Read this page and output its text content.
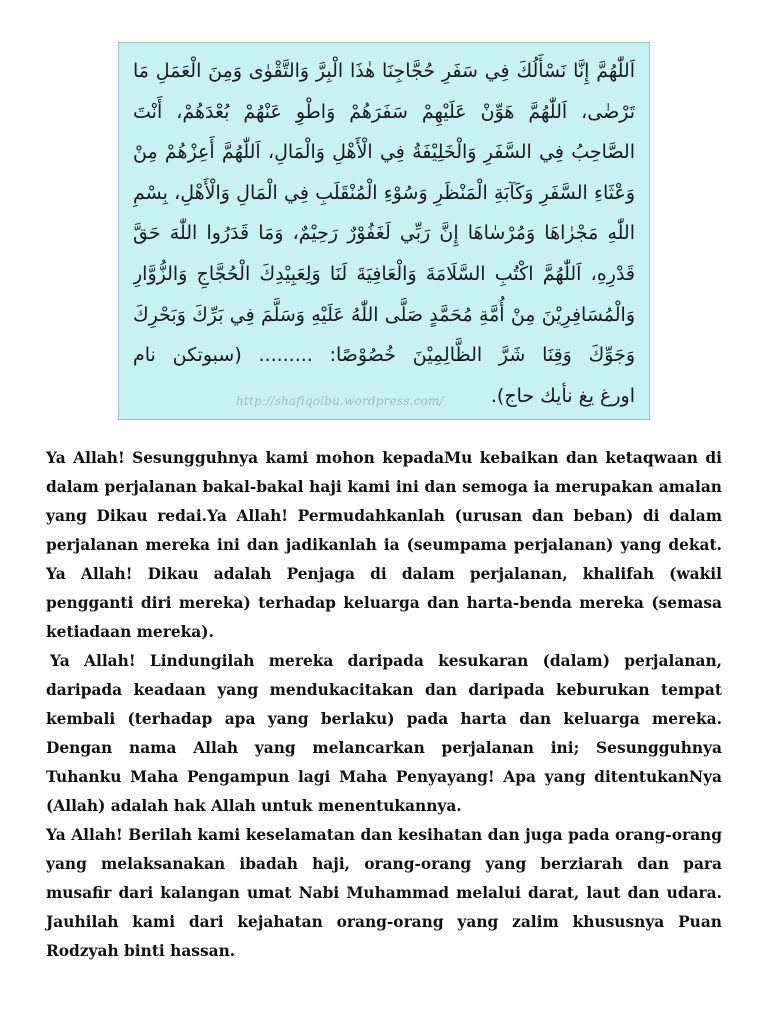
اَللّٰهُمَّ إِنَّا نَسْأَلُكَ فِي سَفَرِ حُجَّاجِنَا هٰذَا الْبِرَّ وَالتَّقْوٰى وَمِنَ الْعَمَلِ مَا
تَرْضٰى، اَللّٰهُمَّ هَوِّنْ عَلَيْهِمْ سَفَرَهُمْ وَاطْوِ عَنْهُمْ بُعْدَهُمْ، أَنْتَ
الصَّاحِبُ فِي السَّفَرِ وَالْخَلِيْفَةُ فِي الْأَهْلِ وَالْمَالِ، اَللّٰهُمَّ أَعِزْهُمْ مِنْ
وَعْثَاءِ السَّفَرِ وَكَآبَةِ الْمَنْظَرِ وَسُوْءِ الْمُنْقَلَبِ فِي الْمَالِ وَالْأَهْلِ، بِسْمِ
اللّٰهِ مَجْرٰاهَا وَمُرْسٰاهَا إِنَّ رَبِّي لَغَفُوْرٌ رَحِيْمٌ، وَمَا قَدَرُوا اللّٰهَ حَقَّ
قَدْرِهِ، اَللّٰهُمَّ اكْتُبِ السَّلَامَةَ وَالْعَافِيَةَ لَنَا وَلِعَبِيْدِكَ الْحُجَّاجِ وَالزُّوَّارِ
وَالْمُسَافِرِيْنَ مِنْ أُمَّةِ مُحَمَّدٍ صَلَّى اللّٰهُ عَلَيْهِ وَسَلَّمَ فِي بَرِّكَ وَبَحْرِكَ
وَجَوِّكَ وَقِنَا شَرَّ الظَّالِمِيْنَ خُصُوْصًا: ......... (سبوتكن نام
اورغ يغ نأيك حاج).
http://shafiqolbu.wordpress.com/

Ya Allah! Sesungguhnya kami mohon kepadaMu kebaikan dan ketaqwaan di dalam perjalanan bakal-bakal haji kami ini dan semoga ia merupakan amalan yang Dikau redai.Ya Allah! Permudahkanlah (urusan dan beban) di dalam perjalanan mereka ini dan jadikanlah ia (seumpama perjalanan) yang dekat. Ya Allah! Dikau adalah Penjaga di dalam perjalanan, khalifah (wakil pengganti diri mereka) terhadap keluarga dan harta-benda mereka (semasa ketiadaan mereka).

Ya Allah! Lindungilah mereka daripada kesukaran (dalam) perjalanan, daripada keadaan yang mendukacitakan dan daripada keburukan tempat kembali (terhadap apa yang berlaku) pada harta dan keluarga mereka. Dengan nama Allah yang melancarkan perjalanan ini; Sesungguhnya Tuhanku Maha Pengampun lagi Maha Penyayang! Apa yang ditentukanNya (Allah) adalah hak Allah untuk menentukannya.

Ya Allah! Berilah kami keselamatan dan kesihatan dan juga pada orang-orang yang melaksanakan ibadah haji, orang-orang yang berziarah dan para musafir dari kalangan umat Nabi Muhammad melalui darat, laut dan udara. Jauhilah kami dari kejahatan orang-orang yang zalim khususnya Puan Rodzyah binti hassan.
